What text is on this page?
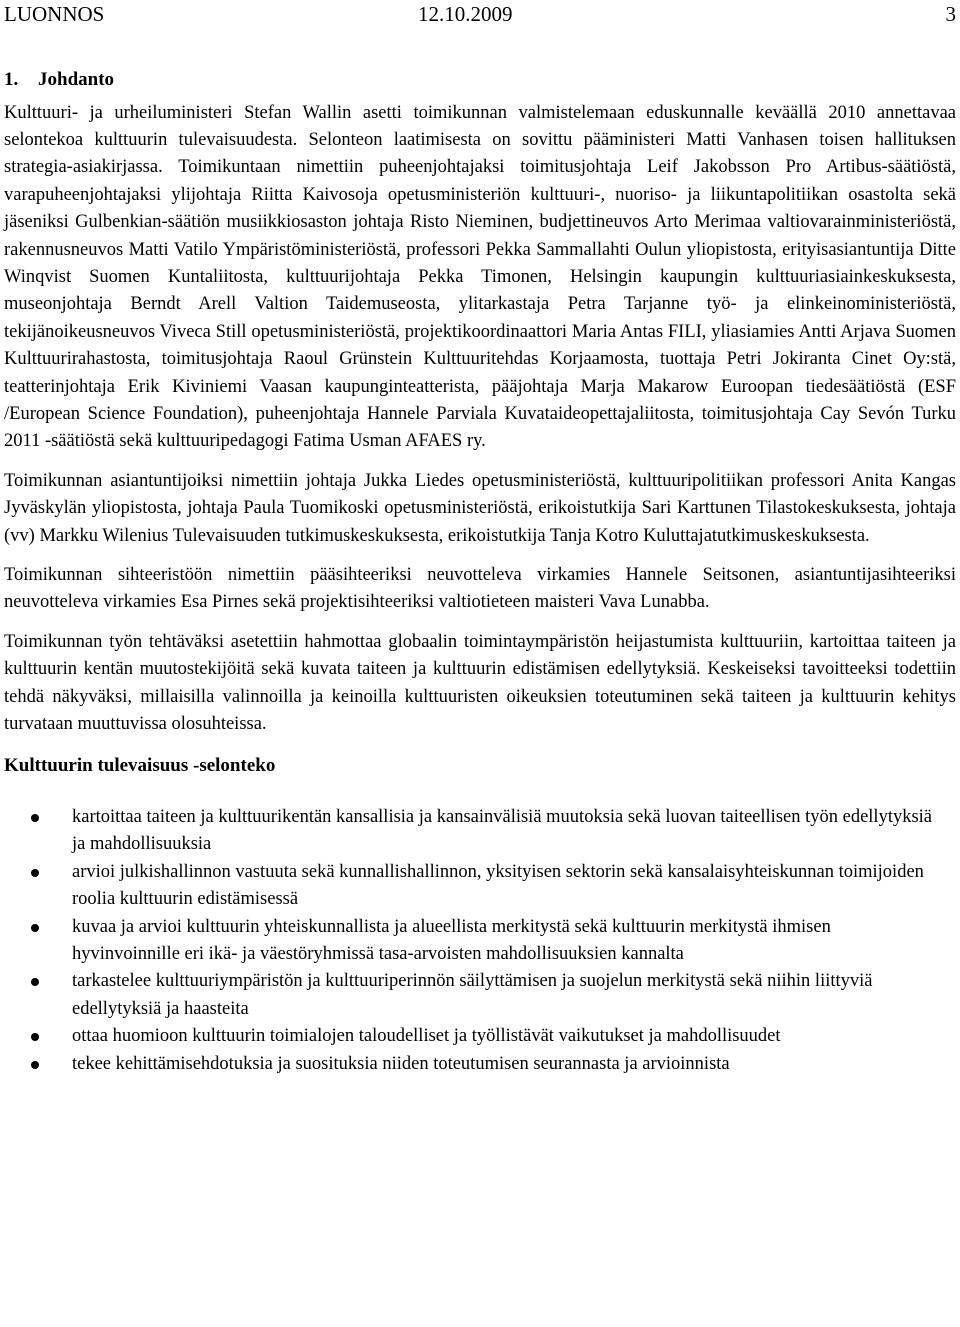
LUONNOS	12.10.2009	3
1.	Johdanto

Kulttuuri- ja urheiluministeri Stefan Wallin asetti toimikunnan valmistelemaan eduskunnalle keväällä 2010 annettavaa selontekoa kulttuurin tulevaisuudesta. Selonteon laatimisesta on sovittu pääministeri Matti Vanhasen toisen hallituksen strategia-asiakirjassa. Toimikuntaan nimettiin puheenjohtajaksi toimitusjohtaja Leif Jakobsson Pro Artibus-säätiöstä, varapuheenjohtajaksi ylijohtaja Riitta Kaivosoja opetusministeriön kulttuuri-, nuoriso- ja liikuntapolitiikan osastolta sekä jäseniksi Gulbenkian-säätiön musiikkiosaston johtaja Risto Nieminen, budjettineuvos Arto Merimaa valtiovarainministeriöstä, rakennusneuvos Matti Vatilo Ympäristöministeriöstä, professori Pekka Sammallahti Oulun yliopistosta, erityisasiantuntija Ditte Winqvist Suomen Kuntaliitosta, kulttuurijohtaja Pekka Timonen, Helsingin kaupungin kulttuuriasiainkeskuksesta, museonjohtaja Berndt Arell Valtion Taidemuseosta, ylitarkastaja Petra Tarjanne työ- ja elinkeinoministeriöstä, tekijänoikeusneuvos Viveca Still opetusministeriöstä, projektikoordinaattori Maria Antas FILI, yliasiamies Antti Arjava Suomen Kulttuurirahastosta, toimitusjohtaja Raoul Grünstein Kulttuuritehdas Korjaamosta, tuottaja Petri Jokiranta Cinet Oy:stä, teatterinjohtaja Erik Kiviniemi Vaasan kaupunginteatterista, pääjohtaja Marja Makarow Euroopan tiedesäätiöstä (ESF /European Science Foundation), puheenjohtaja Hannele Parviala Kuvataideopettajaliitosta, toimitusjohtaja Cay Sevón Turku 2011 -säätiöstä sekä kulttuuripedagogi Fatima Usman AFAES ry.

Toimikunnan asiantuntijoiksi nimettiin johtaja Jukka Liedes opetusministeriöstä, kulttuuripolitiikan professori Anita Kangas Jyväskylän yliopistosta, johtaja Paula Tuomikoski opetusministeriöstä, erikoistutkija Sari Karttunen Tilastokeskuksesta, johtaja (vv) Markku Wilenius Tulevaisuuden tutkimuskeskuksesta, erikoistutkija Tanja Kotro Kuluttajatutkimuskeskuksesta.

Toimikunnan sihteeristöön nimettiin pääsihteeriksi neuvotteleva virkamies Hannele Seitsonen, asiantuntijasihteeriksi neuvotteleva virkamies Esa Pirnes sekä projektisihteeriksi valtiotieteen maisteri Vava Lunabba.

Toimikunnan työn tehtäväksi asetettiin hahmottaa globaalin toimintaympäristön heijastumista kulttuuriin, kartoittaa taiteen ja kulttuurin kentän muutostekijöitä sekä kuvata taiteen ja kulttuurin edistämisen edellytyksiä. Keskeiseksi tavoitteeksi todettiin tehdä näkyväksi, millaisilla valinnoilla ja keinoilla kulttuuristen oikeuksien toteutuminen sekä taiteen ja kulttuurin kehitys turvataan muuttuvissa olosuhteissa.

Kulttuurin tulevaisuus -selonteko
kartoittaa taiteen ja kulttuurikentän kansallisia ja kansainvälisiä muutoksia sekä luovan taiteellisen työn edellytyksiä ja mahdollisuuksia
arvioi julkishallinnon vastuuta sekä kunnallishallinnon, yksityisen sektorin sekä kansalaisyhteiskunnan toimijoiden roolia kulttuurin edistämisessä
kuvaa ja arvioi kulttuurin yhteiskunnallista ja alueellista merkitystä sekä kulttuurin merkitystä ihmisen hyvinvoinnille eri ikä- ja väestöryhmissä tasa-arvoisten mahdollisuuksien kannalta
tarkastelee kulttuuriympäristön ja kulttuuriperinnön säilyttämisen ja suojelun merkitystä sekä niihin liittyviä edellytyksiä ja haasteita
ottaa huomioon kulttuurin toimialojen taloudelliset ja työllistävät vaikutukset ja mahdollisuudet
tekee kehittämisehdotuksia ja suosituksia niiden toteutumisen seurannasta ja arvioinnista
